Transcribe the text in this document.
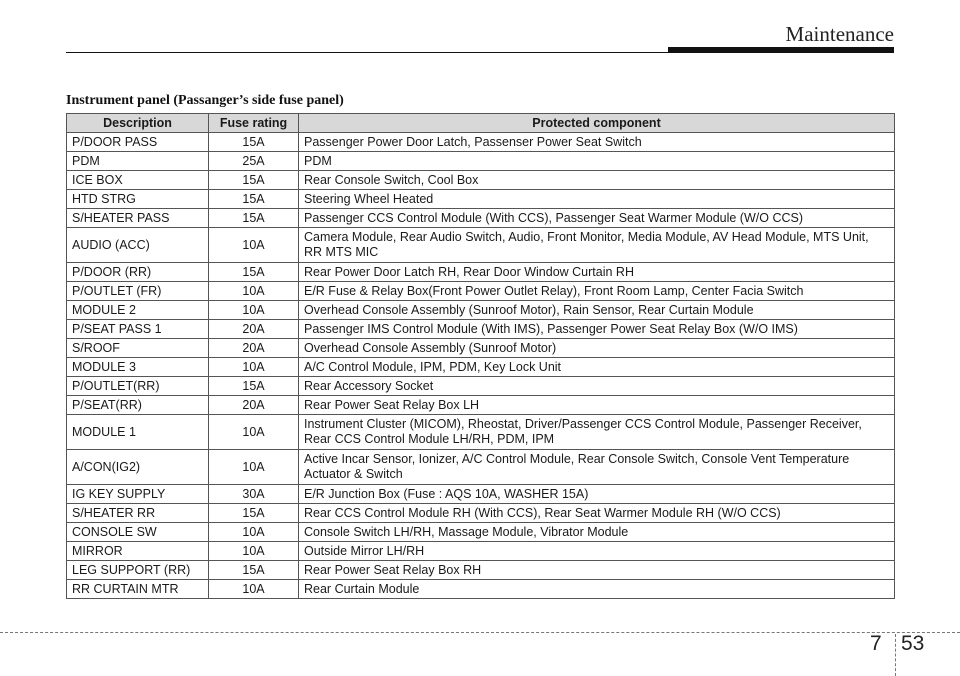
Maintenance
Instrument panel (Passanger’s side fuse panel)
Description	Fuse rating	Protected component
P/DOOR PASS	15A	Passenger Power Door Latch, Passenser Power Seat Switch
PDM	25A	PDM
ICE BOX	15A	Rear Console Switch, Cool Box
HTD STRG	15A	Steering Wheel Heated
S/HEATER PASS	15A	Passenger CCS Control Module (With CCS), Passenger Seat Warmer Module (W/O CCS)
AUDIO (ACC)	10A	Camera Module, Rear Audio Switch, Audio, Front Monitor, Media Module, AV Head Module, MTS Unit,
RR MTS MIC
P/DOOR (RR)	15A	Rear Power Door Latch RH, Rear Door Window Curtain RH
P/OUTLET (FR)	10A	E/R Fuse & Relay Box(Front Power Outlet Relay), Front Room Lamp, Center Facia Switch
MODULE 2	10A	Overhead Console Assembly (Sunroof Motor), Rain Sensor, Rear Curtain Module
P/SEAT PASS 1	20A	Passenger IMS Control Module (With IMS), Passenger Power Seat Relay Box (W/O IMS)
S/ROOF	20A	Overhead Console Assembly (Sunroof Motor)
MODULE 3	10A	A/C Control Module, IPM, PDM, Key Lock Unit
P/OUTLET(RR)	15A	Rear Accessory Socket
P/SEAT(RR)	20A	Rear Power Seat Relay Box LH
MODULE 1	10A	Instrument Cluster (MICOM), Rheostat, Driver/Passenger CCS Control Module, Passenger Receiver,
Rear CCS Control Module LH/RH, PDM, IPM
A/CON(IG2)	10A	Active Incar Sensor, Ionizer, A/C Control Module, Rear Console Switch, Console Vent Temperature
Actuator & Switch
IG KEY SUPPLY	30A	E/R Junction Box (Fuse : AQS 10A, WASHER 15A)
S/HEATER RR	15A	Rear CCS Control Module RH (With CCS), Rear Seat Warmer Module RH (W/O CCS)
CONSOLE SW	10A	Console Switch LH/RH, Massage Module, Vibrator Module
MIRROR	10A	Outside Mirror LH/RH
LEG SUPPORT (RR)	15A	Rear Power Seat Relay Box RH
RR CURTAIN MTR	10A	Rear Curtain Module
7 53
